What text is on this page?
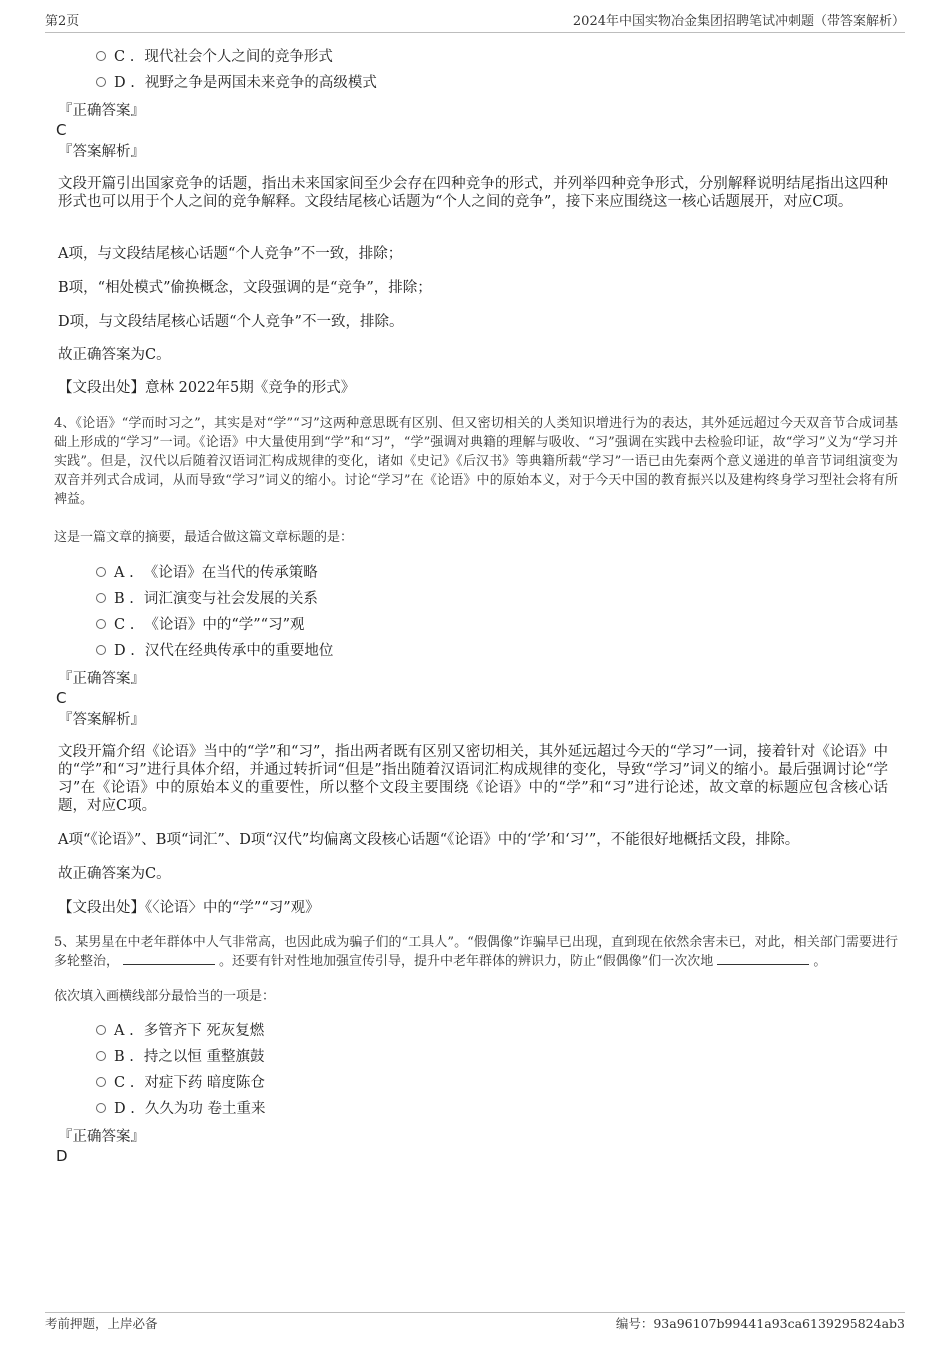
第2页	2024年中国实物冶金集团招聘笔试冲刺题（带答案解析）
C . 现代社会个人之间的竞争形式
D . 视野之争是两国未来竞争的高级模式
『正确答案』
C
『答案解析』
文段开篇引出国家竞争的话题，指出未来国家间至少会存在四种竞争的形式，并列举四种竞争形式，分别解释说明结尾指出这四种形式也可以用于个人之间的竞争解释。文段结尾核心话题为“个人之间的竞争”，接下来应围绕这一核心话题展开，对应C项。
A项，与文段结尾核心话题“个人竞争”不一致，排除；
B项，“相处模式”偷换概念，文段强调的是“竞争”，排除；
D项，与文段结尾核心话题“个人竞争”不一致，排除。
故正确答案为C。
【文段出处】意林 2022年5期《竞争的形式》
4、《论语》“学而时习之”，其实是对“学”“习”这两种意思既有区别、但又密切相关的人类知识增进行为的表达，其外延远超过今天双音节合成词基础上形成的“学习”一词。《论语》中大量使用到“学”和“习”，“学”强调对典籍的理解与吸收、“习”强调在实践中去检验印证，故“学习”义为“学习并实践”。但是，汉代以后随着汉语词汇构成规律的变化，诸如《史记》《后汉书》等典籍所载“学习”一语已由先秦两个意义递进的单音节词组演变为双音并列式合成词，从而导致“学习”词义的缩小。讨论“学习”在《论语》中的原始本义，对于今天中国的教育振兴以及建构终身学习型社会将有所裨益。
这是一篇文章的摘要，最适合做这篇文章标题的是：
A . 《论语》在当代的传承策略
B . 词汇演变与社会发展的关系
C . 《论语》中的“学”“习”观
D . 汉代在经典传承中的重要地位
『正确答案』
C
『答案解析』
文段开篇介绍《论语》当中的“学”和“习”，指出两者既有区别又密切相关，其外延远超过今天的“学习”一词，接着针对《论语》中的“学”和“习”进行具体介绍，并通过转折词“但是”指出随着汉语词汇构成规律的变化，导致“学习”词义的缩小。最后强调讨论“学习”在《论语》中的原始本义的重要性，所以整个文段主要围绕《论语》中的“学”和“习”进行论述，故文章的标题应包含核心话题，对应C项。
A项“《论语》”、B项“词汇”、D项“汉代”均偏离文段核心话题“《论语》中的‘学’和‘习’”，不能很好地概括文段，排除。
故正确答案为C。
【文段出处】《〈论语〉中的“学”“习”观》
5、某男星在中老年群体中人气非常高，也因此成为骗子们的“工具人”。“假偶像”诈骗早已出现，直到现在依然余害未已，对此，相关部门需要进行多轮整治，	。还要有针对性地加强宣传引导，提升中老年群体的辨识力，防止“假偶像”们一次次地	。
依次填入画横线部分最恰当的一项是：
A . 多管齐下 死灰复燃
B . 持之以恒 重整旗鼓
C . 对症下药 暗度陈仓
D . 久久为功 卷土重来
『正确答案』
D
考前押题，上岸必备	编号：93a96107b99441a93ca6139295824ab3
